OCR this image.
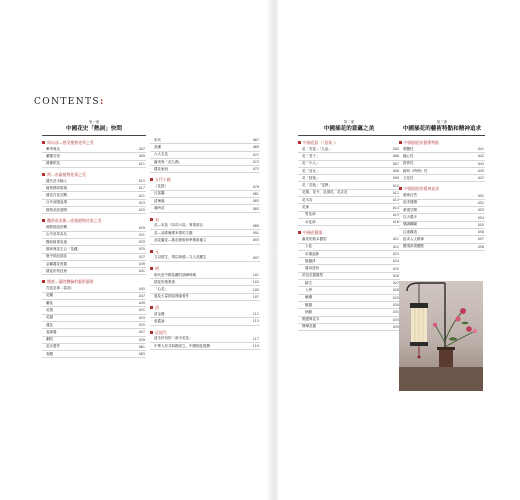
CONTENTS:
第一冊
中國花史「熱詞」快問
周以前—感受植物花草之美
參考與比	007
蘭蕙交易	009
禮佛供花	011
两…由審植物花果之美
隱代花木輸入	015
植物開成環境	017
隱花在花初期	021
百年前隱血環	023
植物花紋遊戲	025
魏晉南北朝—欣賞植物花果之美
佛教插花的興	029
山中花草為友	031
魏晉植事長風	033
佛家與花生合「花藏」	035
瓶中插色插花	037
金屬器花壺器	039
隱花折枝技術	041
隋唐—藻的體驗的藝術藝術
宮廷花事（春香）	045
花藥	047
蘭花	049
花瑞	051
花錢	053
蓮花	055
卷線器	057
劇院	059
花卉畫作	061
春題	063
宋代	067
高潔	069
六大名花	071
審美與「花九錫」	073
隱花東西	075
五代十國
《花經》	079
瓦盆鑑	081
清暑處	083
歲時花	085
宋
花—宋花「四司六局」專業項目	089
花—詩歌擁護本情的主題	091
品花鑑花—插花藝術和學禮系確立	093
元
文以情生，情以物感—文人花藏生	097
明
明代是中國花藏的頂峰時期	101
插花的重要著	103
「心花」	105
盛及大量插花理論著作	107
清
清金器	111
意蓋論	113
近現代
清末民初的「新中花花」	117
中華人民共和國成立，中國插花復興	119
第二冊
中國插花的意蘊之美
中國花語（「意象」）
花「宮廷」「九品」	005
花「君子」	006
花「小人」	007
花「良友」	008
花「按客」	009
花「花瓶」「花牌」	010
花期、花令、花譜花、花卉花	012
花木容	013
花神	014
男花神	015
女花神	016
中國花藝器
審美的基本器型	021
卜盆	022
市場盆鉢	023
瓶盤淨	024
器用造形	025
常見花器器型	026
缽生	027
入學	028
砸碾	029
臉盤	030
柄類	031
國畫與花木	033
簡單花器	035
第三冊
中國插花的藝術特點和精神追求
中國插花的藝術特點
唱響性	041
隨心性	042
寫實性	043
線形《時例》性	045
文化性	047
中國插花的精神追求
藝術自然	051
追求健積	052
重視空間	053
以少勝多	054
強調構圖	055
注重構造	056
追求人文精神	057
體現真情體點	058
